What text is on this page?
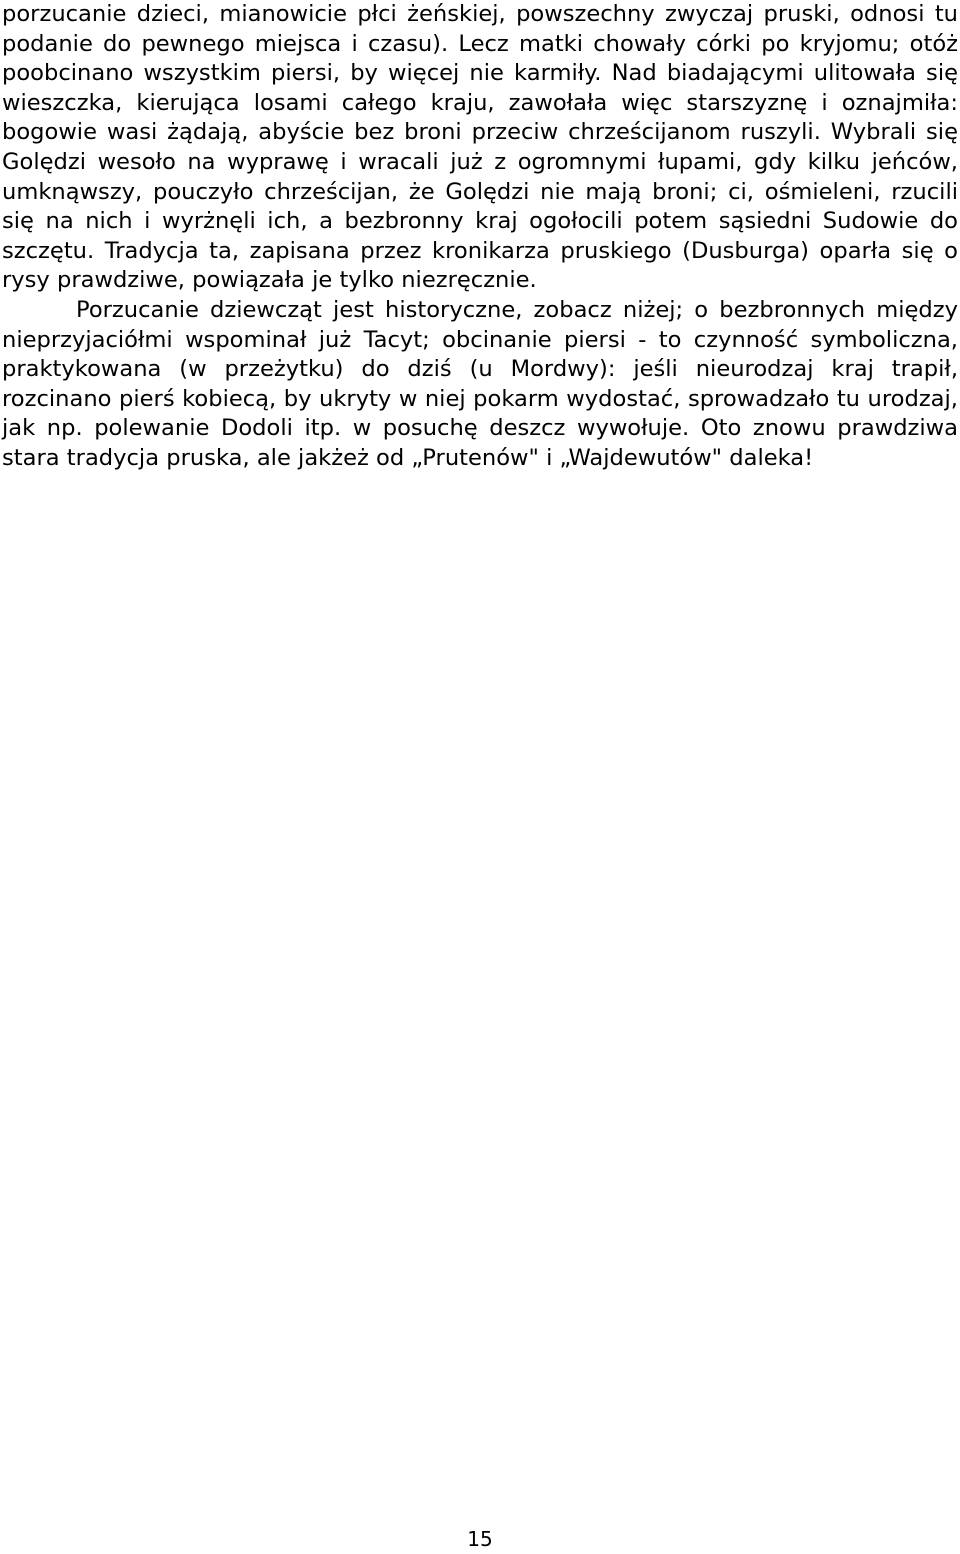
porzucanie dzieci, mianowicie płci żeńskiej, powszechny zwyczaj pruski, odnosi tu podanie do pewnego miejsca i czasu). Lecz matki chowały córki po kryjomu; otóż poobcinano wszystkim piersi, by więcej nie karmiły. Nad biadającymi ulitowała się wieszczka, kierująca losami całego kraju, zawołała więc starszyznę i oznajmiła: bogowie wasi żądają, abyście bez broni przeciw chrześcijanom ruszyli. Wybrali się Golędzi wesoło na wyprawę i wracali już z ogromnymi łupami, gdy kilku jeńców, umknąwszy, pouczyło chrześcijan, że Golędzi nie mają broni; ci, ośmieleni, rzucili się na nich i wyrżnęli ich, a bezbronny kraj ogołocili potem sąsiedni Sudowie do szczętu. Tradycja ta, zapisana przez kronikarza pruskiego (Dusburga) oparła się o rysy prawdziwe, powiązała je tylko niezręcznie.

Porzucanie dziewcząt jest historyczne, zobacz niżej; o bezbronnych między nieprzyjaciółmi wspominał już Tacyt; obcinanie piersi - to czynność symboliczna, praktykowana (w przeżytku) do dziś (u Mordwy): jeśli nieurodzaj kraj trapił, rozcinano pierś kobiecą, by ukryty w niej pokarm wydostać, sprowadzało tu urodzaj, jak np. polewanie Dodoli itp. w posuchę deszcz wywołuje. Oto znowu prawdziwa stara tradycja pruska, ale jakżeż od „Prutenów" i „Wajdewutów" daleka!

15
